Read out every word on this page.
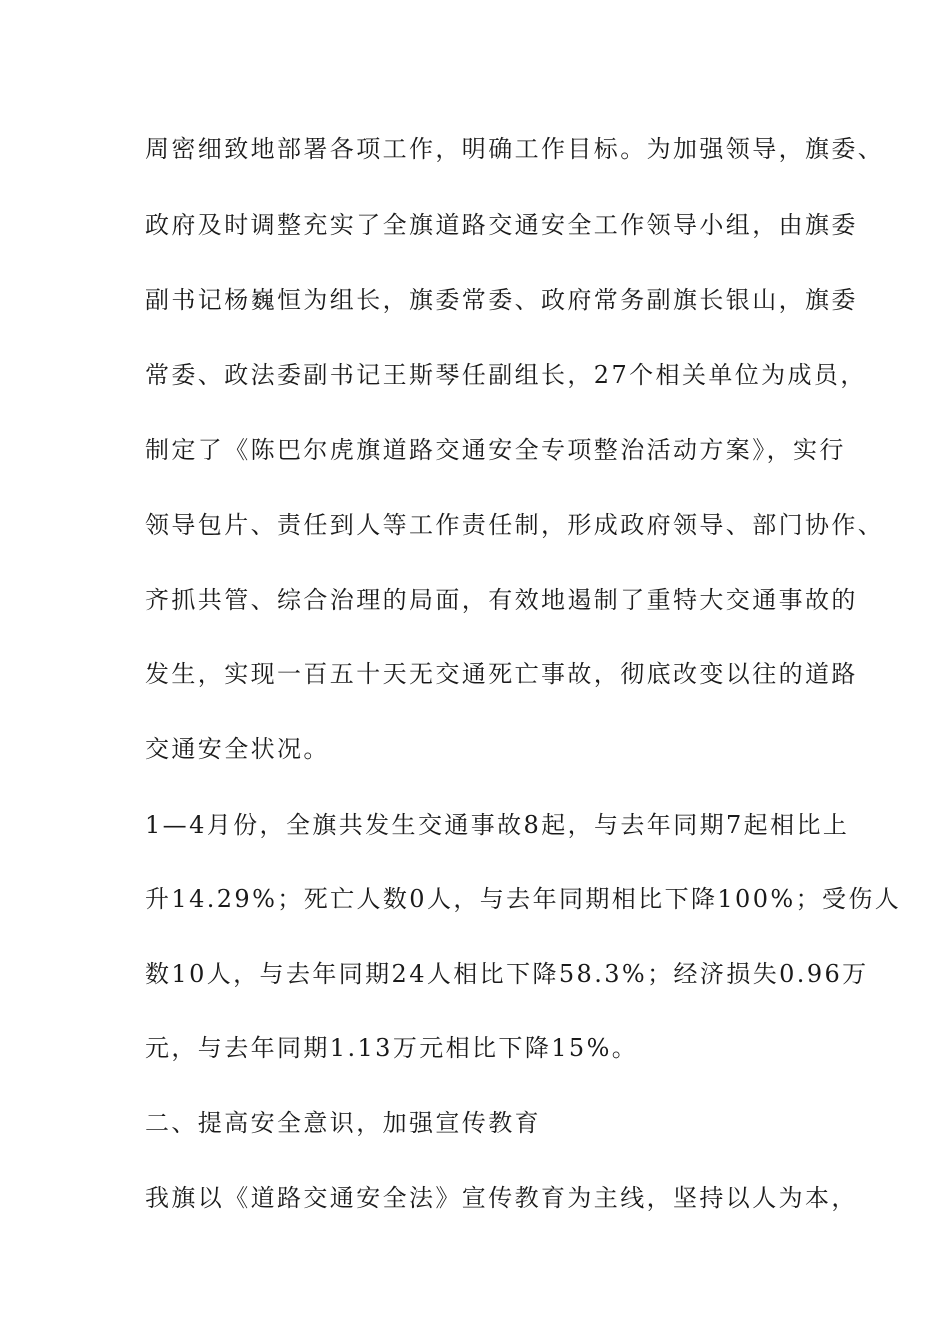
周密细致地部署各项工作，明确工作目标。为加强领导，旗委、
政府及时调整充实了全旗道路交通安全工作领导小组，由旗委
副书记杨巍恒为组长，旗委常委、政府常务副旗长银山，旗委
常委、政法委副书记王斯琴任副组长，27个相关单位为成员，
制定了《陈巴尔虎旗道路交通安全专项整治活动方案》，实行
领导包片、责任到人等工作责任制，形成政府领导、部门协作、
齐抓共管、综合治理的局面，有效地遏制了重特大交通事故的
发生，实现一百五十天无交通死亡事故，彻底改变以往的道路
交通安全状况。
1—4月份，全旗共发生交通事故8起，与去年同期7起相比上
升14.29%；死亡人数0人，与去年同期相比下降100%；受伤人
数10人，与去年同期24人相比下降58.3%；经济损失0.96万
元，与去年同期1.13万元相比下降15%。
二、提高安全意识，加强宣传教育
我旗以《道路交通安全法》宣传教育为主线，坚持以人为本，
